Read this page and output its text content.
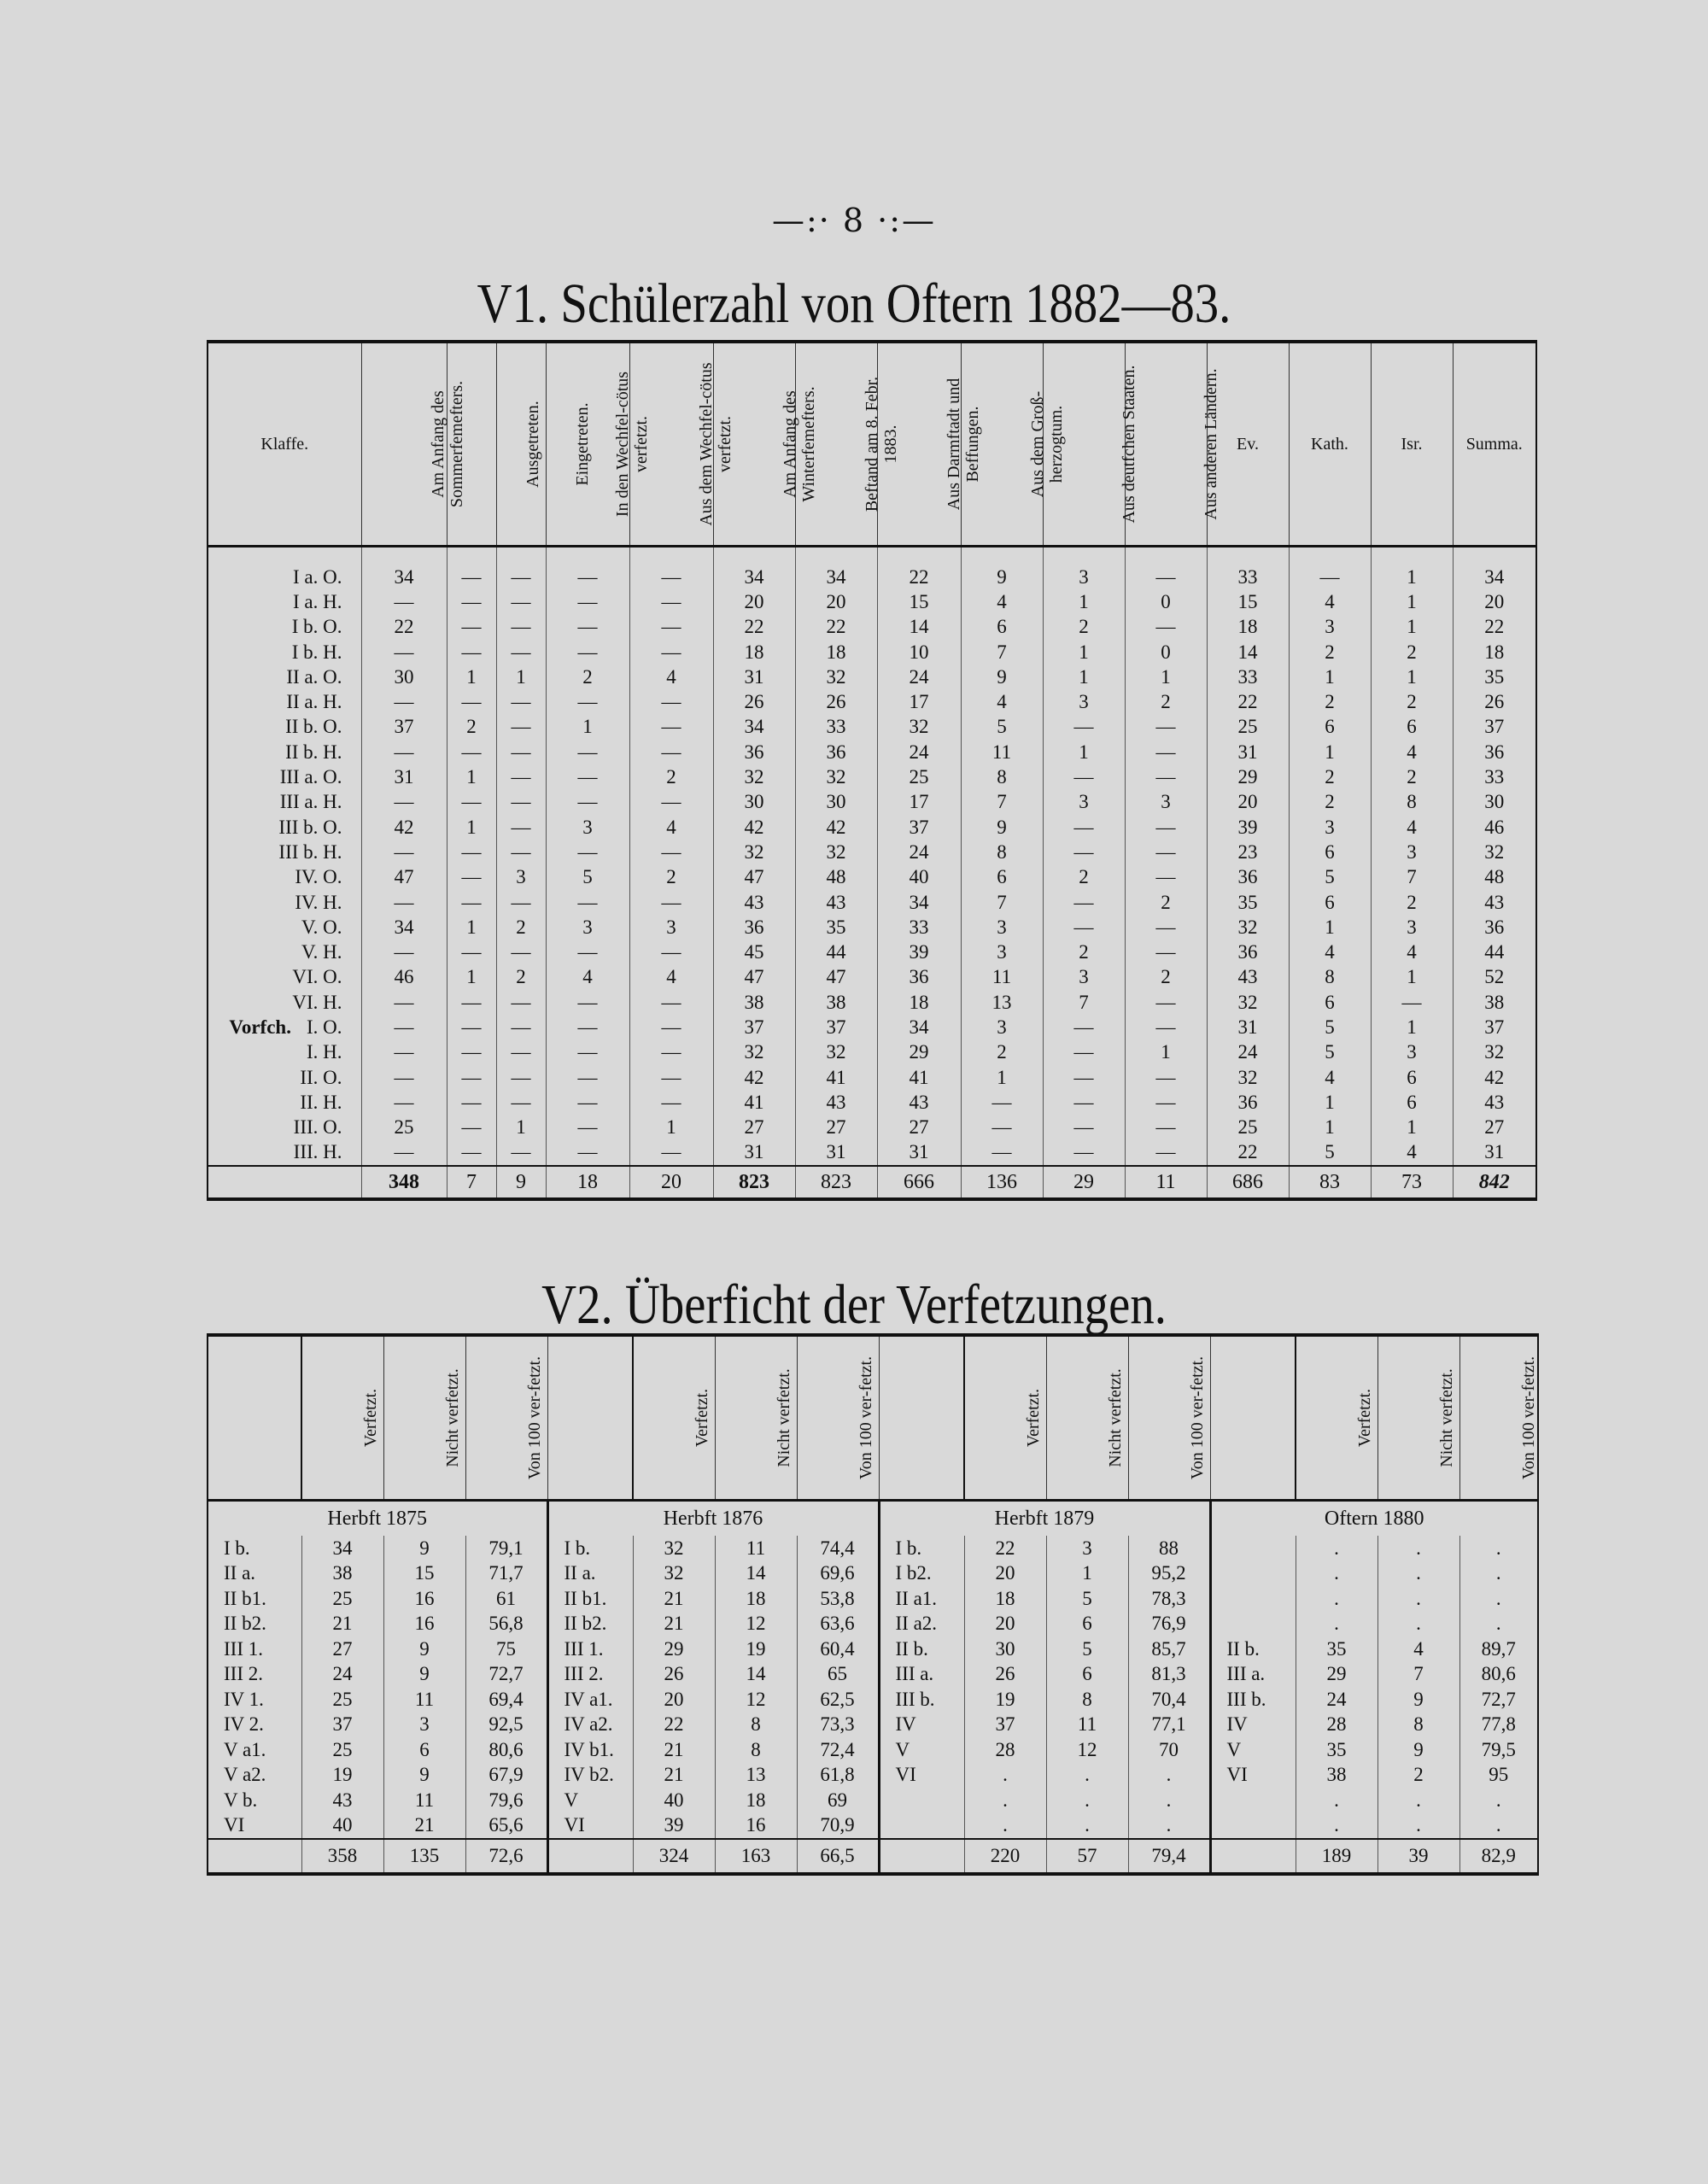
—:· 8 ·:—
V1. Schülerzahl von Oftern 1882—83.
Klaffe.	Am Anfang des Sommerfemefters.	Ausgetreten.	Eingetreten.	In den Wechfel-cötus verfetzt.	Aus dem Wechfel-cötus verfetzt.	Am Anfang des Winterfemefters.	Beftand am 8. Febr. 1883.	Aus Darmftadt und Beffungen.	Aus dem Groß-herzogtum.	Aus deutfchen Staaten.	Aus anderen Ländern.	Ev.	Kath.	Isr.	Summa.
I a. O.	34	—	—	—	—	34	34	22	9	3	—	33	—	1	34
I a. H.	—	—	—	—	—	20	20	15	4	1	0	15	4	1	20
I b. O.	22	—	—	—	—	22	22	14	6	2	—	18	3	1	22
I b. H.	—	—	—	—	—	18	18	10	7	1	0	14	2	2	18
II a. O.	30	1	1	2	4	31	32	24	9	1	1	33	1	1	35
II a. H.	—	—	—	—	—	26	26	17	4	3	2	22	2	2	26
II b. O.	37	2	—	1	—	34	33	32	5	—	—	25	6	6	37
II b. H.	—	—	—	—	—	36	36	24	11	1	—	31	1	4	36
III a. O.	31	1	—	—	2	32	32	25	8	—	—	29	2	2	33
III a. H.	—	—	—	—	—	30	30	17	7	3	3	20	2	8	30
III b. O.	42	1	—	3	4	42	42	37	9	—	—	39	3	4	46
III b. H.	—	—	—	—	—	32	32	24	8	—	—	23	6	3	32
IV. O.	47	—	3	5	2	47	48	40	6	2	—	36	5	7	48
IV. H.	—	—	—	—	—	43	43	34	7	—	2	35	6	2	43
V. O.	34	1	2	3	3	36	35	33	3	—	—	32	1	3	36
V. H.	—	—	—	—	—	45	44	39	3	2	—	36	4	4	44
VI. O.	46	1	2	4	4	47	47	36	11	3	2	43	8	1	52
VI. H.	—	—	—	—	—	38	38	18	13	7	—	32	6	—	38
Vorfch. I. O.	—	—	—	—	—	37	37	34	3	—	—	31	5	1	37
I. H.	—	—	—	—	—	32	32	29	2	—	1	24	5	3	32
II. O.	—	—	—	—	—	42	41	41	1	—	—	32	4	6	42
II. H.	—	—	—	—	—	41	43	43	—	—	—	36	1	6	43
III. O.	25	—	1	—	1	27	27	27	—	—	—	25	1	1	27
III. H.	—	—	—	—	—	31	31	31	—	—	—	22	5	4	31
	348	7	9	18	20	823	823	666	136	29	11	686	83	73	842
V2. Überficht der Verfetzungen.
	Verfetzt.	Nicht verfetzt.	Von 100 ver-fetzt.		Verfetzt.	Nicht verfetzt.	Von 100 ver-fetzt.		Verfetzt.	Nicht verfetzt.	Von 100 ver-fetzt.		Verfetzt.	Nicht verfetzt.	Von 100 ver-fetzt.
Herbft 1875				Herbft 1876				Herbft 1879				Oftern 1880			
I b.	34	9	79,1	I b.	32	11	74,4	I b.	22	3	88		.	.	.
II a.	38	15	71,7	II a.	32	14	69,6	I b2.	20	1	95,2		.	.	.
II b1.	25	16	61	II b1.	21	18	53,8	II a1.	18	5	78,3		.	.	.
II b2.	21	16	56,8	II b2.	21	12	63,6	II a2.	20	6	76,9		.	.	.
III 1.	27	9	75	III 1.	29	19	60,4	II b.	30	5	85,7	II b.	35	4	89,7
III 2.	24	9	72,7	III 2.	26	14	65	III a.	26	6	81,3	III a.	29	7	80,6
IV 1.	25	11	69,4	IV a1.	20	12	62,5	III b.	19	8	70,4	III b.	24	9	72,7
IV 2.	37	3	92,5	IV a2.	22	8	73,3	IV	37	11	77,1	IV	28	8	77,8
V a1.	25	6	80,6	IV b1.	21	8	72,4	V	28	12	70	V	35	9	79,5
V a2.	19	9	67,9	IV b2.	21	13	61,8	VI	.	.	.	VI	38	2	95
V b.	43	11	79,6	V	40	18	69		.	.	.		.	.	.
VI	40	21	65,6	VI	39	16	70,9		.	.	.		.	.	.
	358	135	72,6		324	163	66,5		220	57	79,4		189	39	82,9
